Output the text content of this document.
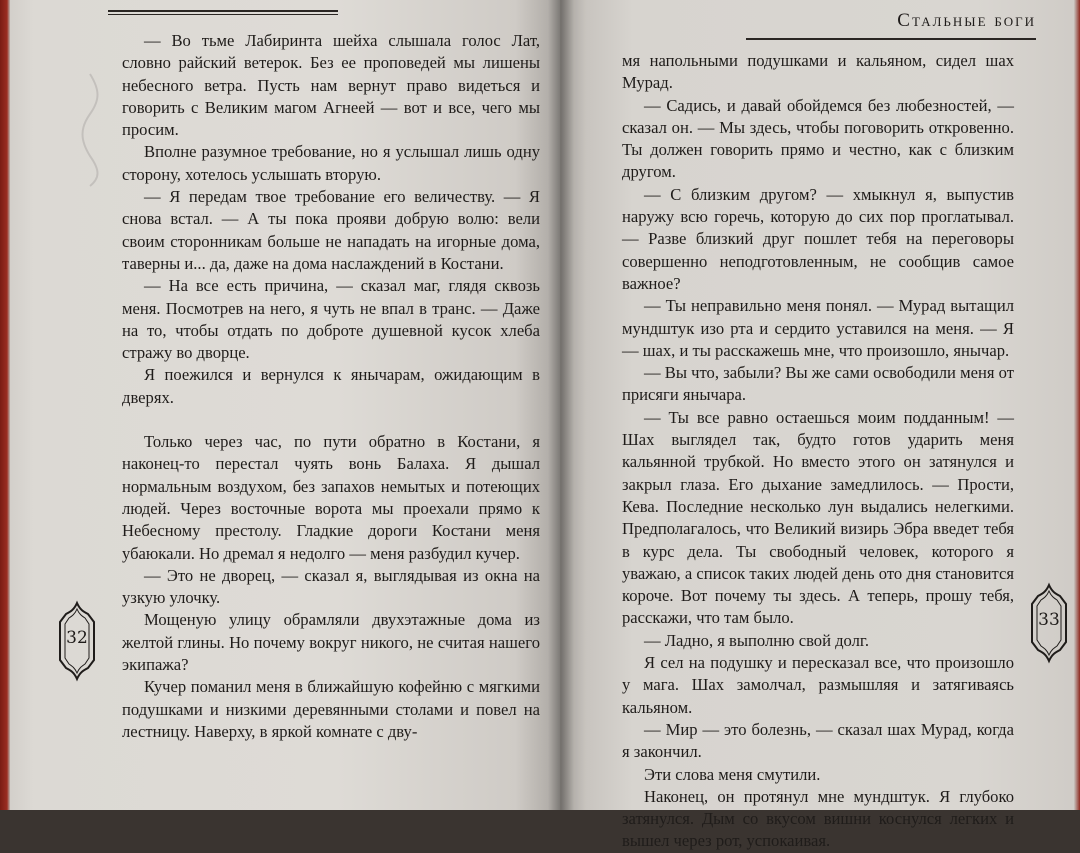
Стальные боги

— Во тьме Лабиринта шейха слышала голос Лат, словно райский ветерок. Без ее проповедей мы лишены небесного ветра. Пусть нам вернут право видеться и говорить с Великим магом Агнеей — вот и все, чего мы просим.

Вполне разумное требование, но я услышал лишь одну сторону, хотелось услышать вторую.

— Я передам твое требование его величеству. — Я снова встал. — А ты пока прояви добрую волю: вели своим сторонникам больше не нападать на игорные дома, таверны и... да, даже на дома наслаждений в Костани.

— На все есть причина, — сказал маг, глядя сквозь меня. Посмотрев на него, я чуть не впал в транс. — Даже на то, чтобы отдать по доброте душевной кусок хлеба стражу во дворце.

Я поежился и вернулся к янычарам, ожидающим в дверях.

Только через час, по пути обратно в Костани, я наконец-то перестал чуять вонь Балаха. Я дышал нормальным воздухом, без запахов немытых и потеющих людей. Через восточные ворота мы проехали прямо к Небесному престолу. Гладкие дороги Костани меня убаюкали. Но дремал я недолго — меня разбудил кучер.

— Это не дворец, — сказал я, выглядывая из окна на узкую улочку.

Мощеную улицу обрамляли двухэтажные дома из желтой глины. Но почему вокруг никого, не считая нашего экипажа?

Кучер поманил меня в ближайшую кофейню с мягкими подушками и низкими деревянными столами и повел на лестницу. Наверху, в яркой комнате с дву-

мя напольными подушками и кальяном, сидел шах Мурад.

— Садись, и давай обойдемся без любезностей, — сказал он. — Мы здесь, чтобы поговорить откровенно. Ты должен говорить прямо и честно, как с близким другом.

— С близким другом? — хмыкнул я, выпустив наружу всю горечь, которую до сих пор проглатывал. — Разве близкий друг пошлет тебя на переговоры совершенно неподготовленным, не сообщив самое важное?

— Ты неправильно меня понял. — Мурад вытащил мундштук изо рта и сердито уставился на меня. — Я — шах, и ты расскажешь мне, что произошло, янычар.

— Вы что, забыли? Вы же сами освободили меня от присяги янычара.

— Ты все равно остаешься моим подданным! — Шах выглядел так, будто готов ударить меня кальянной трубкой. Но вместо этого он затянулся и закрыл глаза. Его дыхание замедлилось. — Прости, Кева. Последние несколько лун выдались нелегкими. Предполагалось, что Великий визирь Эбра введет тебя в курс дела. Ты свободный человек, которого я уважаю, а список таких людей день ото дня становится короче. Вот почему ты здесь. А теперь, прошу тебя, расскажи, что там было.

— Ладно, я выполню свой долг.

Я сел на подушку и пересказал все, что произошло у мага. Шах замолчал, размышляя и затягиваясь кальяном.

— Мир — это болезнь, — сказал шах Мурад, когда я закончил.

Эти слова меня смутили.

Наконец, он протянул мне мундштук. Я глубоко затянулся. Дым со вкусом вишни коснулся легких и вышел через рот, успокаивая.

32
33
